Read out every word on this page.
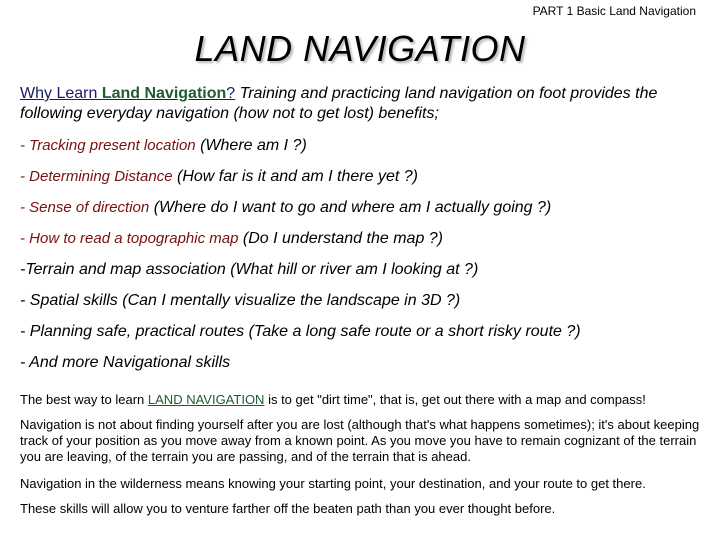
PART 1 Basic Land Navigation
LAND NAVIGATION
Why Learn Land Navigation? Training and practicing land navigation on foot provides the following everyday navigation (how not to get lost) benefits;
- Tracking present location (Where am I ?)
- Determining Distance (How far is it and am I there yet ?)
- Sense of direction (Where do I want to go and where am I actually going ?)
- How to read a topographic map (Do I understand the map ?)
-Terrain and map association (What hill or river am I looking at ?)
- Spatial skills (Can I mentally visualize the landscape in 3D ?)
- Planning safe, practical routes (Take a long safe route or a short risky route ?)
- And more Navigational skills
The best way to learn LAND NAVIGATION is to get "dirt time", that is, get out there with a map and compass!
Navigation is not about finding yourself after you are lost (although that's what happens sometimes); it's about keeping track of your position as you move away from a known point. As you move you have to remain cognizant of the terrain you are leaving, of the terrain you are passing, and of the terrain that is ahead.
Navigation in the wilderness means knowing your starting point, your destination, and your route to get there.
These skills will allow you to venture farther off the beaten path than you ever thought before.
